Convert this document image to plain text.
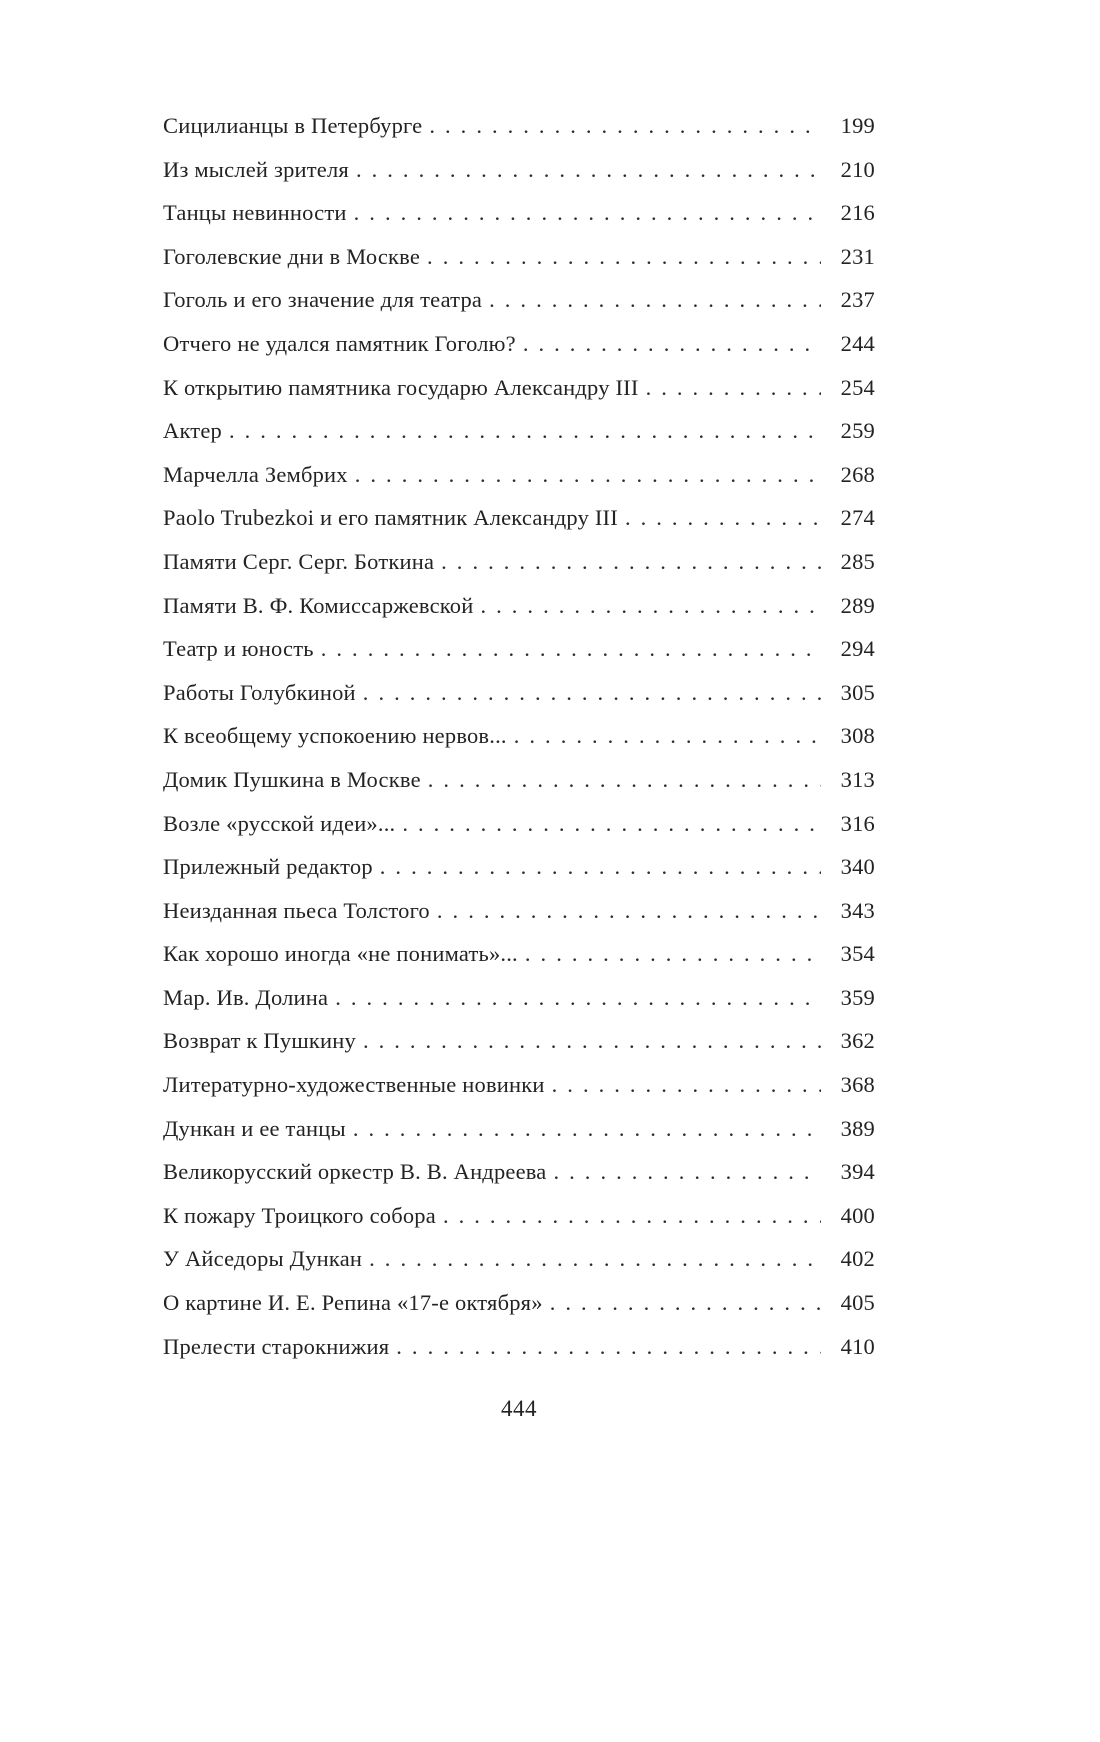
Сицилианцы в Петербурге . . .	199
Из мыслей зрителя . . .	210
Танцы невинности . . .	216
Гоголевские дни в Москве . . .	231
Гоголь и его значение для театра . . .	237
Отчего не удался памятник Гоголю? . . .	244
К открытию памятника государю Александру III . . .	254
Актер . . .	259
Марчелла Зембрих . . .	268
Paolo Trubezkoi и его памятник Александру III . . .	274
Памяти Серг. Серг. Боткина . . .	285
Памяти В. Ф. Комиссаржевской . . .	289
Театр и юность . . .	294
Работы Голубкиной . . .	305
К всеобщему успокоению нервов... . . .	308
Домик Пушкина в Москве . . .	313
Возле «русской идеи»... . . .	316
Прилежный редактор . . .	340
Неизданная пьеса Толстого . . .	343
Как хорошо иногда «не понимать»... . . .	354
Мар. Ив. Долина . . .	359
Возврат к Пушкину . . .	362
Литературно-художественные новинки . . .	368
Дункан и ее танцы . . .	389
Великорусский оркестр В. В. Андреева . . .	394
К пожару Троицкого собора . . .	400
У Айседоры Дункан . . .	402
О картине И. Е. Репина «17-е октября» . . .	405
Прелести старокнижия . . .	410
444
